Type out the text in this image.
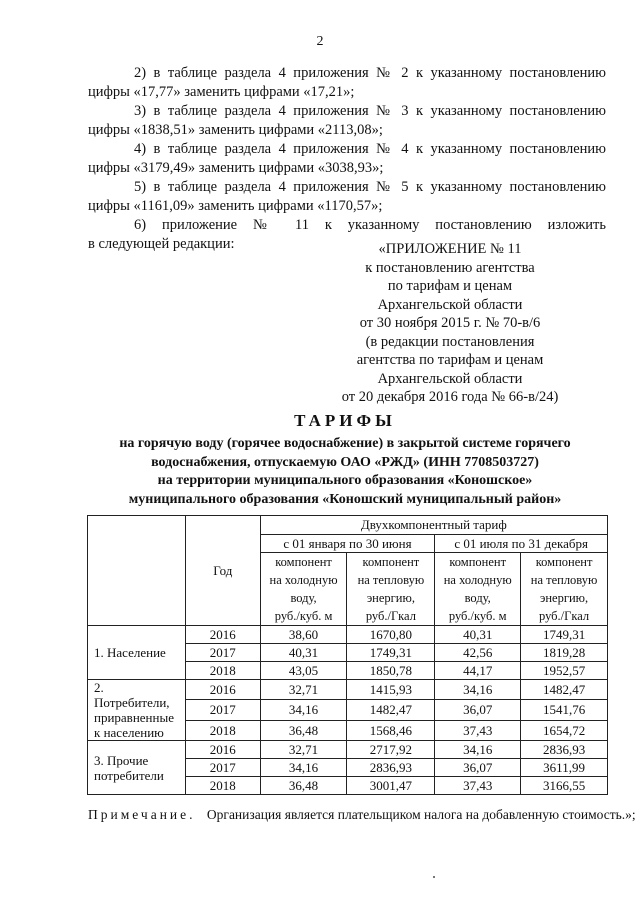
2

2) в таблице раздела 4 приложения № 2 к указанному постановлению

цифры «17,77» заменить цифрами «17,21»;

3) в таблице раздела 4 приложения № 3 к указанному постановлению

цифры «1838,51» заменить цифрами «2113,08»;

4) в таблице раздела 4 приложения № 4 к указанному постановлению

цифры «3179,49» заменить цифрами «3038,93»;

5) в таблице раздела 4 приложения № 5 к указанному постановлению

цифры «1161,09» заменить цифрами «1170,57»;

6) приложение № 11 к указанному постановлению изложить

в следующей редакции:	«ПРИЛОЖЕНИЕ № 11
к постановлению агентства
по тарифам и ценам
Архангельской области
от 30 ноября 2015 г. № 70-в/6
(в редакции постановления
агентства по тарифам и ценам
Архангельской области
от 20 декабря 2016 года № 66-в/24)
ТАРИФЫ
на горячую воду (горячее водоснабжение) в закрытой системе горячего
водоснабжения, отпускаемую ОАО «РЖД» (ИНН 7708503727)
на территории муниципального образования «Коношское»
муниципального образования «Коношский муниципальный район»
	Год	Двухкомпонентный тариф			
		с 01 января по 30 июня		с 01 июля по 31 декабря	
		компонент
на холодную
воду,
руб./куб. м	компонент
на тепловую
энергию,
руб./Гкал	компонент
на холодную
воду,
руб./куб. м	компонент
на тепловую
энергию,
руб./Гкал
1. Население	2016	38,60	1670,80	40,31	1749,31
	2017	40,31	1749,31	42,56	1819,28
	2018	43,05	1850,78	44,17	1952,57
2. Потребители, приравненные к населению	2016	32,71	1415,93	34,16	1482,47
	2017	34,16	1482,47	36,07	1541,76
	2018	36,48	1568,46	37,43	1654,72
3. Прочие потребители	2016	32,71	2717,92	34,16	2836,93
	2017	34,16	2836,93	36,07	3611,99
	2018	36,48	3001,47	37,43	3166,55
Примечание. Организация является плательщиком налога на добавленную стоимость.»;
